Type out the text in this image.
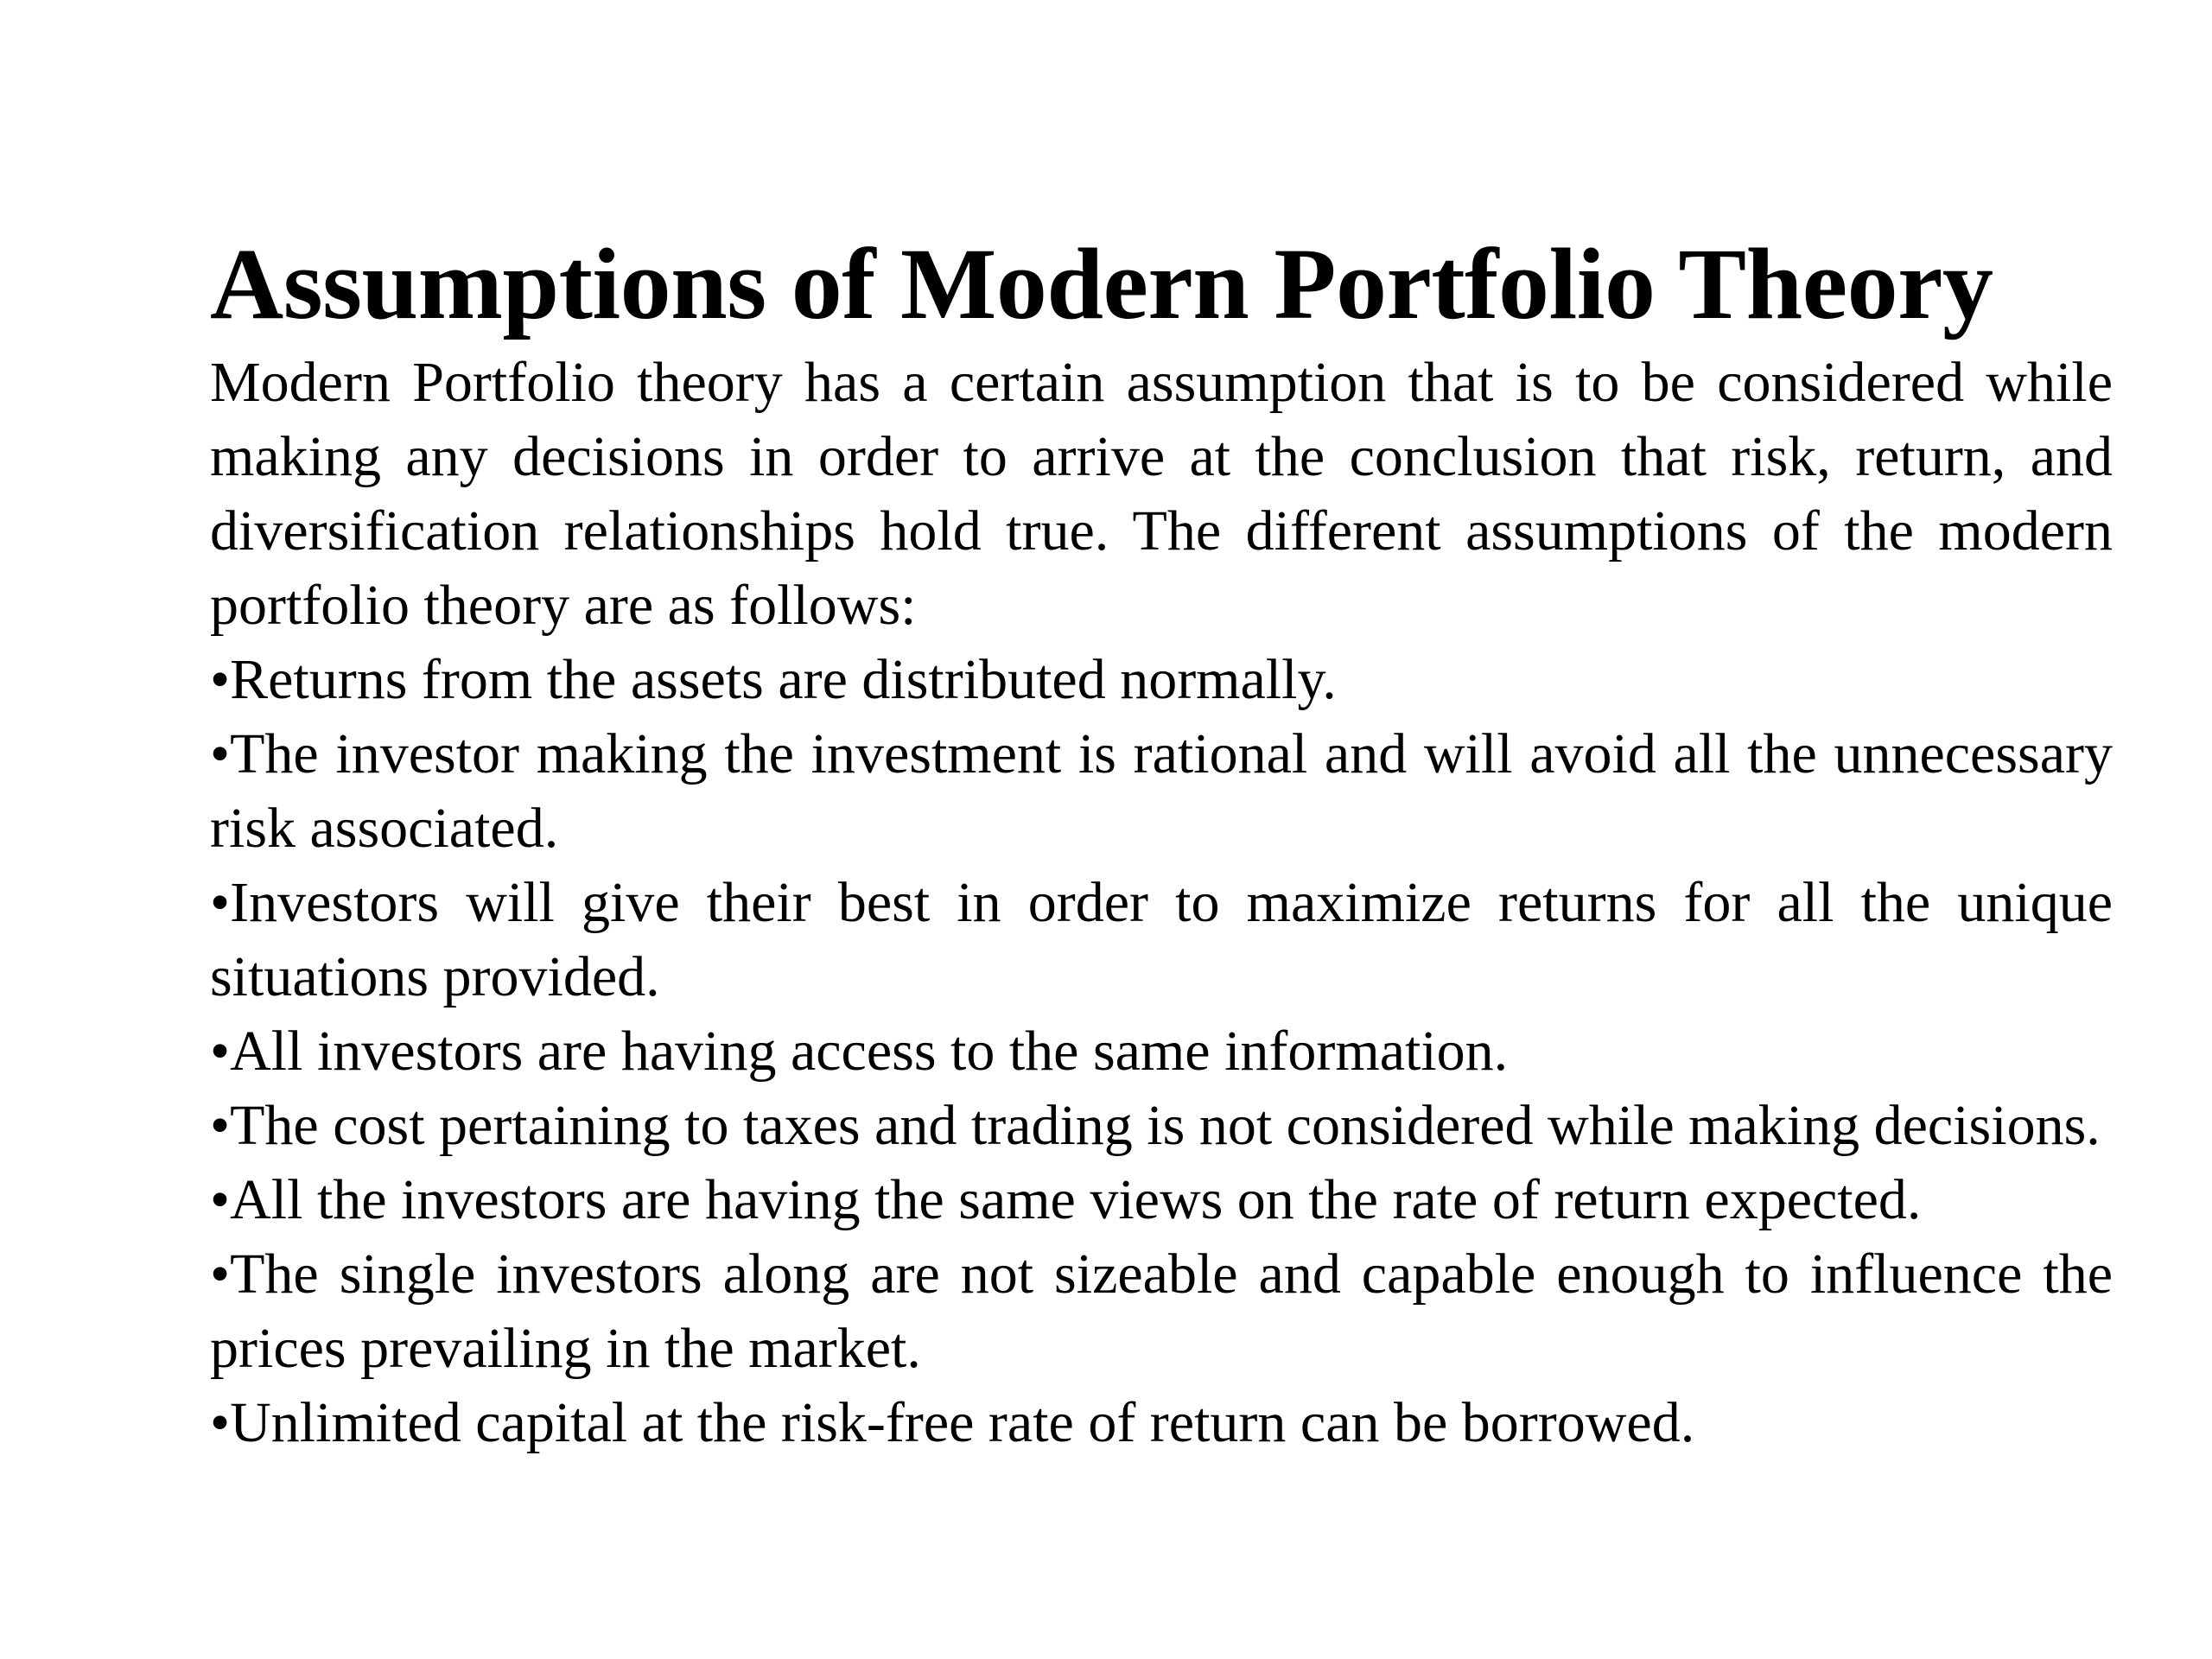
Assumptions of Modern Portfolio Theory

Modern Portfolio theory has a certain assumption that is to be considered while making any decisions in order to arrive at the conclusion that risk, return, and diversification relationships hold true. The different assumptions of the modern portfolio theory are as follows:

•Returns from the assets are distributed normally.
•The investor making the investment is rational and will avoid all the unnecessary risk associated.
•Investors will give their best in order to maximize returns for all the unique situations provided.
•All investors are having access to the same information.
•The cost pertaining to taxes and trading is not considered while making decisions.
•All the investors are having the same views on the rate of return expected.
•The single investors along are not sizeable and capable enough to influence the prices prevailing in the market.
•Unlimited capital at the risk-free rate of return can be borrowed.
